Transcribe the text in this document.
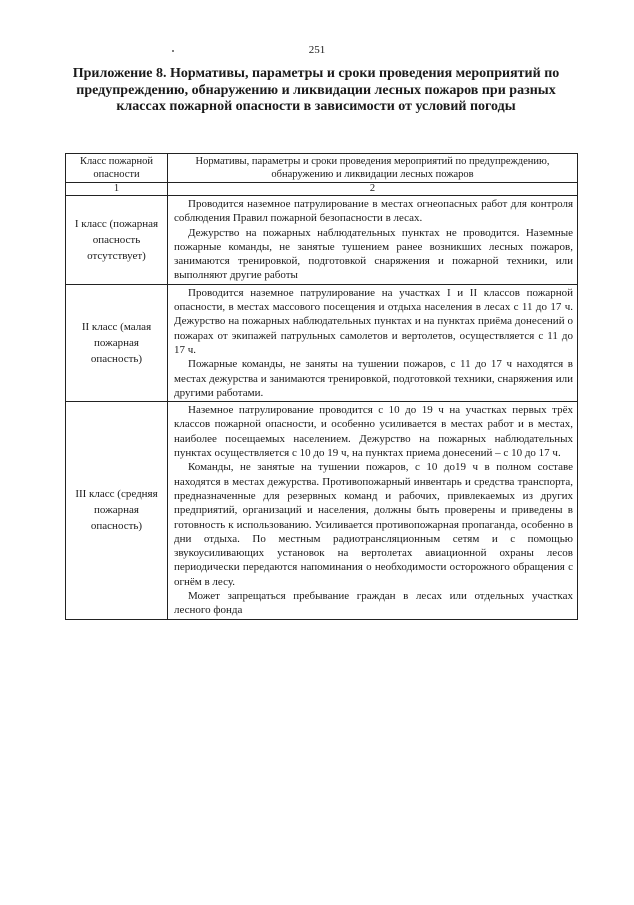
251
Приложение 8. Нормативы, параметры и сроки проведения мероприятий по предупреждению, обнаружению и ликвидации лесных пожаров при разных классах пожарной опасности в зависимости от условий погоды
Класс пожарной опасности	Нормативы, параметры и сроки проведения мероприятий по предупреждению, обнаружению и ликвидации лесных пожаров
1	2
I класс (пожарная опасность отсутствует)	Проводится наземное патрулирование в местах огнеопасных работ для контроля соблюдения Правил пожарной безопасности в лесах.

Дежурство на пожарных наблюдательных пунктах не проводится. Наземные пожарные команды, не занятые тушением ранее возникших лесных пожаров, занимаются тренировкой, подготовкой снаряжения и пожарной техники, или выполняют другие работы

II класс (малая пожарная опасность)	Проводится наземное патрулирование на участках I и II классов пожарной опасности, в местах массового посещения и отдыха населения в лесах с 11 до 17 ч. Дежурство на пожарных наблюдательных пунктах и на пунктах приёма донесений о пожарах от экипажей патрульных самолетов и вертолетов, осуществляется с 11 до 17 ч.

Пожарные команды, не заняты на тушении пожаров, с 11 до 17 ч находятся в местах дежурства и занимаются тренировкой, подготовкой техники, снаряжения или другими работами.

III класс (средняя пожарная опасность)	Наземное патрулирование проводится с 10 до 19 ч на участках первых трёх классов пожарной опасности, и особенно усиливается в местах работ и в местах, наиболее посещаемых населением. Дежурство на пожарных наблюдательных пунктах осуществляется с 10 до 19 ч, на пунктах приема донесений – с 10 до 17 ч.

Команды, не занятые на тушении пожаров, с 10 до19 ч в полном составе находятся в местах дежурства. Противопожарный инвентарь и средства транспорта, предназначенные для резервных команд и рабочих, привлекаемых из других предприятий, организаций и населения, должны быть проверены и приведены в готовность к использованию. Усиливается противопожарная пропаганда, особенно в дни отдыха. По местным радиотрансляционным сетям и с помощью звукоусиливающих установок на вертолетах авиационной охраны лесов периодически передаются напоминания о необходимости осторожного обращения с огнём в лесу.

Может запрещаться пребывание граждан в лесах или отдельных участках лесного фонда
